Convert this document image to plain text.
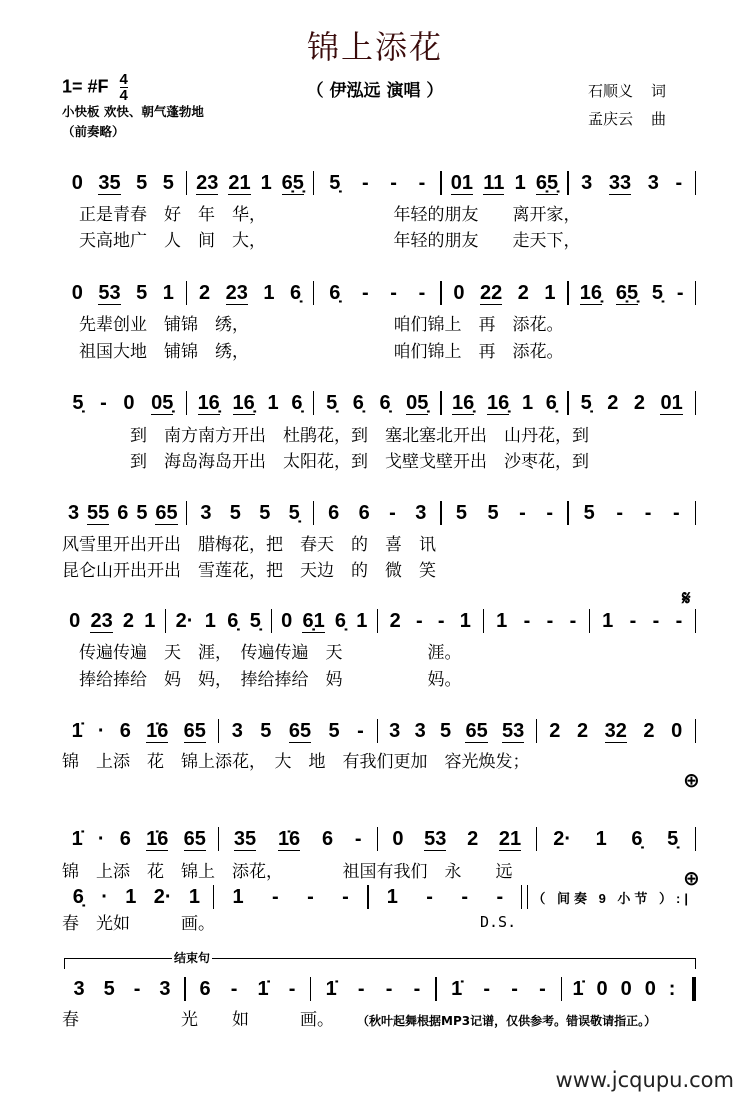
锦上添花
（ 伊泓远 演唱 ）
1= #F $\frac{4}{4}$
小快板 欢快、朝气蓬勃地
（前奏略）
石顺义 词
孟庆云 曲
0 35 5 5 23 21 1 6̣5̣ 5̣ - - - 01 11 1 6̣5̣ 3 33 3 -
　正是青春　好　年　华，　　　　　　　　年轻的朋友　　离开家，
　天高地广　人　间　大，　　　　　　　　年轻的朋友　　走天下，
0 53 5 1 2 23 1 6̣ 6̣ - - - 0 22 2 1 16̣ 6̣5̣ 5̣ -
　先辈创业　铺锦　绣，　　　　　　　　　咱们锦上　再　添花。
　祖国大地　铺锦　绣，　　　　　　　　　咱们锦上　再　添花。
5̣ - 0 05̣ 16̣ 16̣ 1 6̣ 5̣ 6̣ 6̣ 05̣ 16̣ 16̣ 1 6̣ 5̣ 2 2 01
　　　　到　南方南方开出　杜鹃花，到　塞北塞北开出　山丹花，到
　　　　到　海岛海岛开出　太阳花，到　戈壁戈壁开出　沙枣花，到
3 55 6 5 65 3 5 5 5̣ 6 6 - 3 5 5 - - 5 - - -
风雪里开出开出　腊梅花，把　春天　的　喜　讯
昆仑山开出开出　雪莲花，把　天边　的　微　笑
0 23 2 1 2· 1 6̣ 5̣ 0 6̣1 6̣ 1 2 - - 1 1 - - - 1 - - -
　传遍传遍　天　涯，　传遍传遍　天　　　　　涯。
　捧给捧给　妈　妈，　捧给捧给　妈　　　　　妈。
1̇ · 6 1̇6 65 3 5 65 5 - 3 3 5 65 53 2 2 32 2 0
锦　上添　花　锦上添花，　大　地　有我们更加　容光焕发；
1̇ · 6 1̇6 65 35 1̇6 6 - 0 53 2 21 2· 1 6̣ 5̣
锦　上添　花　锦上　添花，　　　　祖国有我们　永　　远
6̣ · 1 2· 1 1 - - - 1 - - -	（ 间奏 9 小节 ）:|
春　光如　　　画。
3 5 - 3 6 - 1̇ - 1̇ - - - 1̇ - - - 1̇ 0 0 0 :
春　　　　　　光　　如　　　画。
𝄋
⊕
⊕
D.S.
结束句
（秋叶起舞根据MP3记谱，仅供参考。错误敬请指正。）
www.jcqupu.com
